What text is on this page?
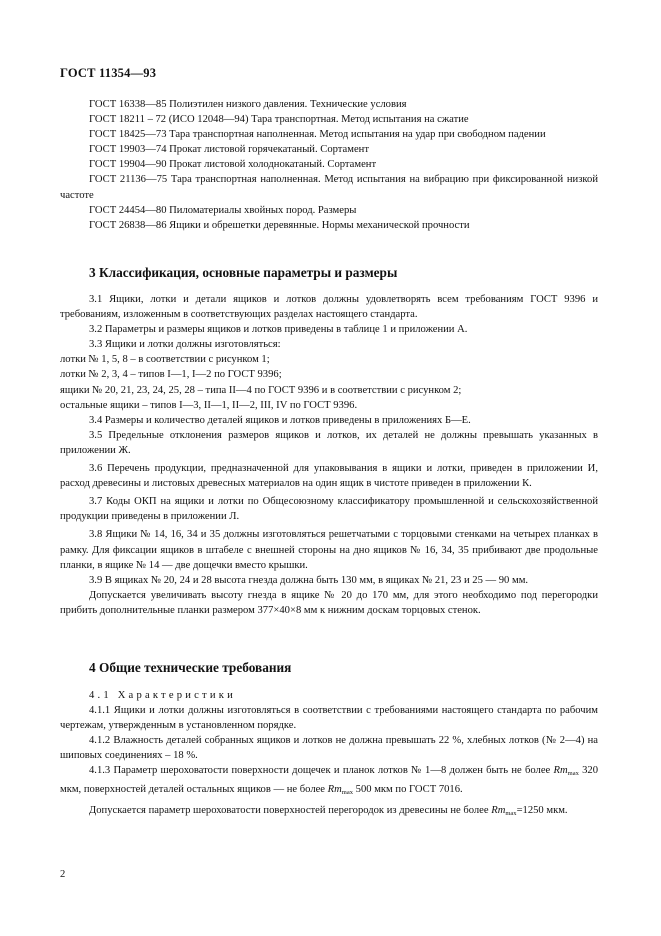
ГОСТ 11354—93

ГОСТ 16338—85 Полиэтилен низкого давления. Технические условия

ГОСТ 18211 – 72 (ИСО 12048—94) Тара транспортная. Метод испытания на сжатие

ГОСТ 18425—73 Тара транспортная наполненная. Метод испытания на удар при свободном падении

ГОСТ 19903—74 Прокат листовой горячекатаный. Сортамент

ГОСТ 19904—90 Прокат листовой холоднокатаный. Сортамент

ГОСТ 21136—75 Тара транспортная наполненная. Метод испытания на вибрацию при фиксированной низкой частоте

ГОСТ 24454—80 Пиломатериалы хвойных пород. Размеры

ГОСТ 26838—86 Ящики и обрешетки деревянные. Нормы механической прочности

3 Классификация, основные параметры и размеры

3.1 Ящики, лотки и детали ящиков и лотков должны удовлетворять всем требованиям ГОСТ 9396 и требованиям, изложенным в соответствующих разделах настоящего стандарта.

3.2 Параметры и размеры ящиков и лотков приведены в таблице 1 и приложении А.

3.3 Ящики и лотки должны изготовляться:

лотки № 1, 5, 8 – в соответствии с рисунком 1;

лотки № 2, 3, 4 – типов I—1, I—2 по ГОСТ 9396;

ящики № 20, 21, 23, 24, 25, 28 – типа II—4 по ГОСТ 9396 и в соответствии с рисунком 2;

остальные ящики – типов I—3, II—1, II—2, III, IV по ГОСТ 9396.

3.4 Размеры и количество деталей ящиков и лотков приведены в приложениях Б—Е.

3.5 Предельные отклонения размеров ящиков и лотков, их деталей не должны превышать указанных в приложении Ж.

3.6 Перечень продукции, предназначенной для упаковывания в ящики и лотки, приведен в приложении И, расход древесины и листовых древесных материалов на один ящик в чистоте приведен в приложении К.

3.7 Коды ОКП на ящики и лотки по Общесоюзному классификатору промышленной и сельскохозяйственной продукции приведены в приложении Л.

3.8 Ящики № 14, 16, 34 и 35 должны изготовляться решетчатыми с торцовыми стенками на четырех планках в рамку. Для фиксации ящиков в штабеле с внешней стороны на дно ящиков № 16, 34, 35 прибивают две продольные планки, в ящике № 14 — две дощечки вместо крышки.

3.9 В ящиках № 20, 24 и 28 высота гнезда должна быть 130 мм, в ящиках № 21, 23 и 25 — 90 мм.

Допускается увеличивать высоту гнезда в ящике № 20 до 170 мм, для этого необходимо под перегородки прибить дополнительные планки размером 377×40×8 мм к нижним доскам торцовых стенок.

4 Общие технические требования

4.1 Характеристики

4.1.1 Ящики и лотки должны изготовляться в соответствии с требованиями настоящего стандарта по рабочим чертежам, утвержденным в установленном порядке.

4.1.2 Влажность деталей собранных ящиков и лотков не должна превышать 22 %, хлебных лотков (№ 2—4) на шиповых соединениях – 18 %.

4.1.3 Параметр шероховатости поверхности дощечек и планок лотков № 1—8 должен быть не более $Rm_{max}$ 320 мкм, поверхностей деталей остальных ящиков — не более $Rm_{max}$ 500 мкм по ГОСТ 7016.

Допускается параметр шероховатости поверхностей перегородок из древесины не более $Rm_{max}=1250$ мкм.

2
